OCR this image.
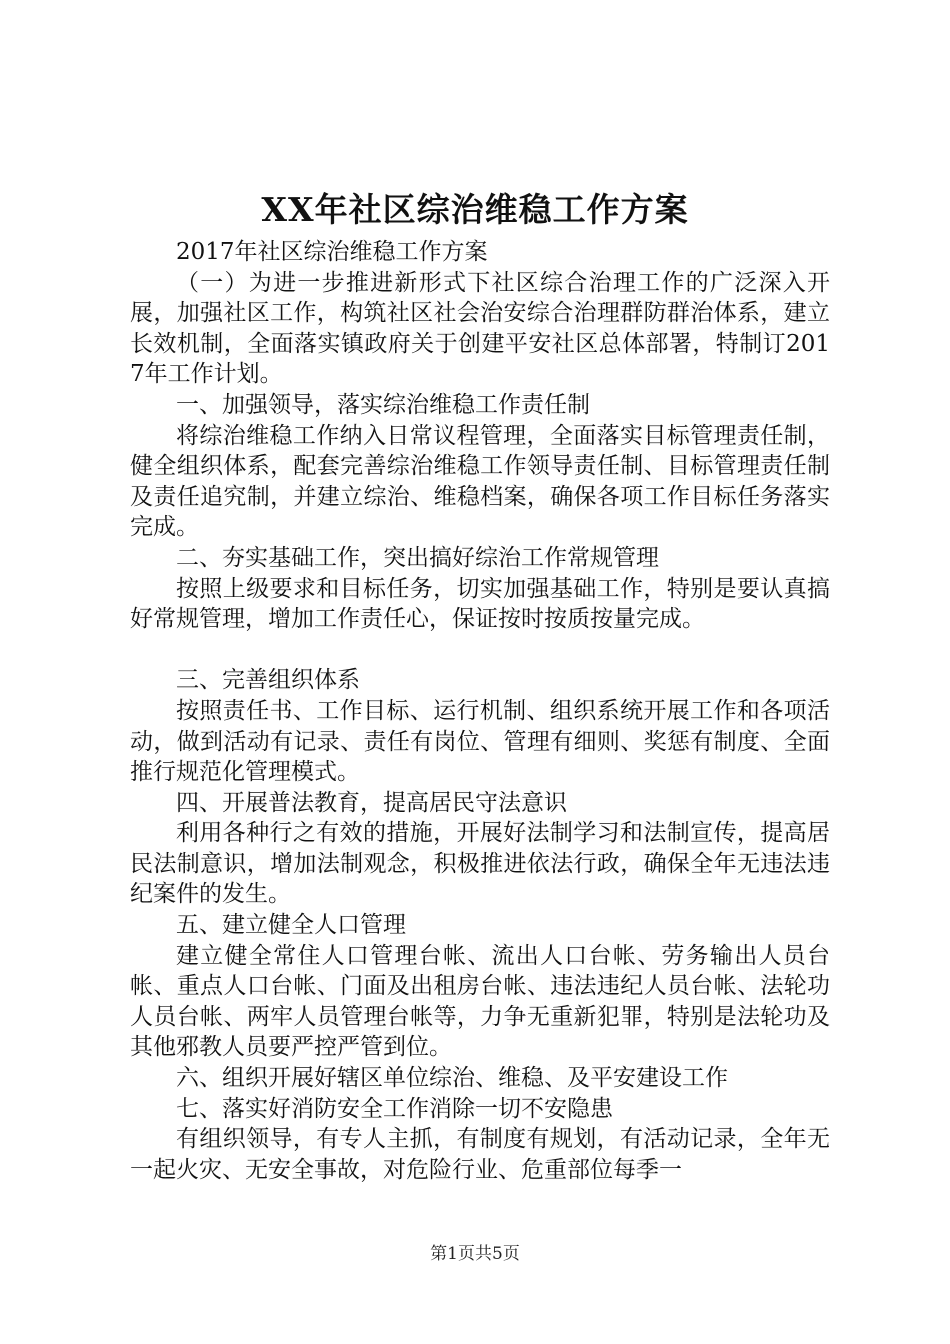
XX年社区综治维稳工作方案

2017年社区综治维稳工作方案

（一）为进一步推进新形式下社区综合治理工作的广泛深入开展，加强社区工作，构筑社区社会治安综合治理群防群治体系，建立长效机制，全面落实镇政府关于创建平安社区总体部署，特制订2017年工作计划。

一、加强领导，落实综治维稳工作责任制

将综治维稳工作纳入日常议程管理，全面落实目标管理责任制，健全组织体系，配套完善综治维稳工作领导责任制、目标管理责任制及责任追究制，并建立综治、维稳档案，确保各项工作目标任务落实完成。

二、夯实基础工作，突出搞好综治工作常规管理

按照上级要求和目标任务，切实加强基础工作，特别是要认真搞好常规管理，增加工作责任心，保证按时按质按量完成。

三、完善组织体系

按照责任书、工作目标、运行机制、组织系统开展工作和各项活动，做到活动有记录、责任有岗位、管理有细则、奖惩有制度、全面推行规范化管理模式。

四、开展普法教育，提高居民守法意识

利用各种行之有效的措施，开展好法制学习和法制宣传，提高居民法制意识，增加法制观念，积极推进依法行政，确保全年无违法违纪案件的发生。

五、建立健全人口管理

建立健全常住人口管理台帐、流出人口台帐、劳务输出人员台帐、重点人口台帐、门面及出租房台帐、违法违纪人员台帐、法轮功人员台帐、两牢人员管理台帐等，力争无重新犯罪，特别是法轮功及其他邪教人员要严控严管到位。

六、组织开展好辖区单位综治、维稳、及平安建设工作

七、落实好消防安全工作消除一切不安隐患

有组织领导，有专人主抓，有制度有规划，有活动记录，全年无一起火灾、无安全事故，对危险行业、危重部位每季一

第1页共5页
